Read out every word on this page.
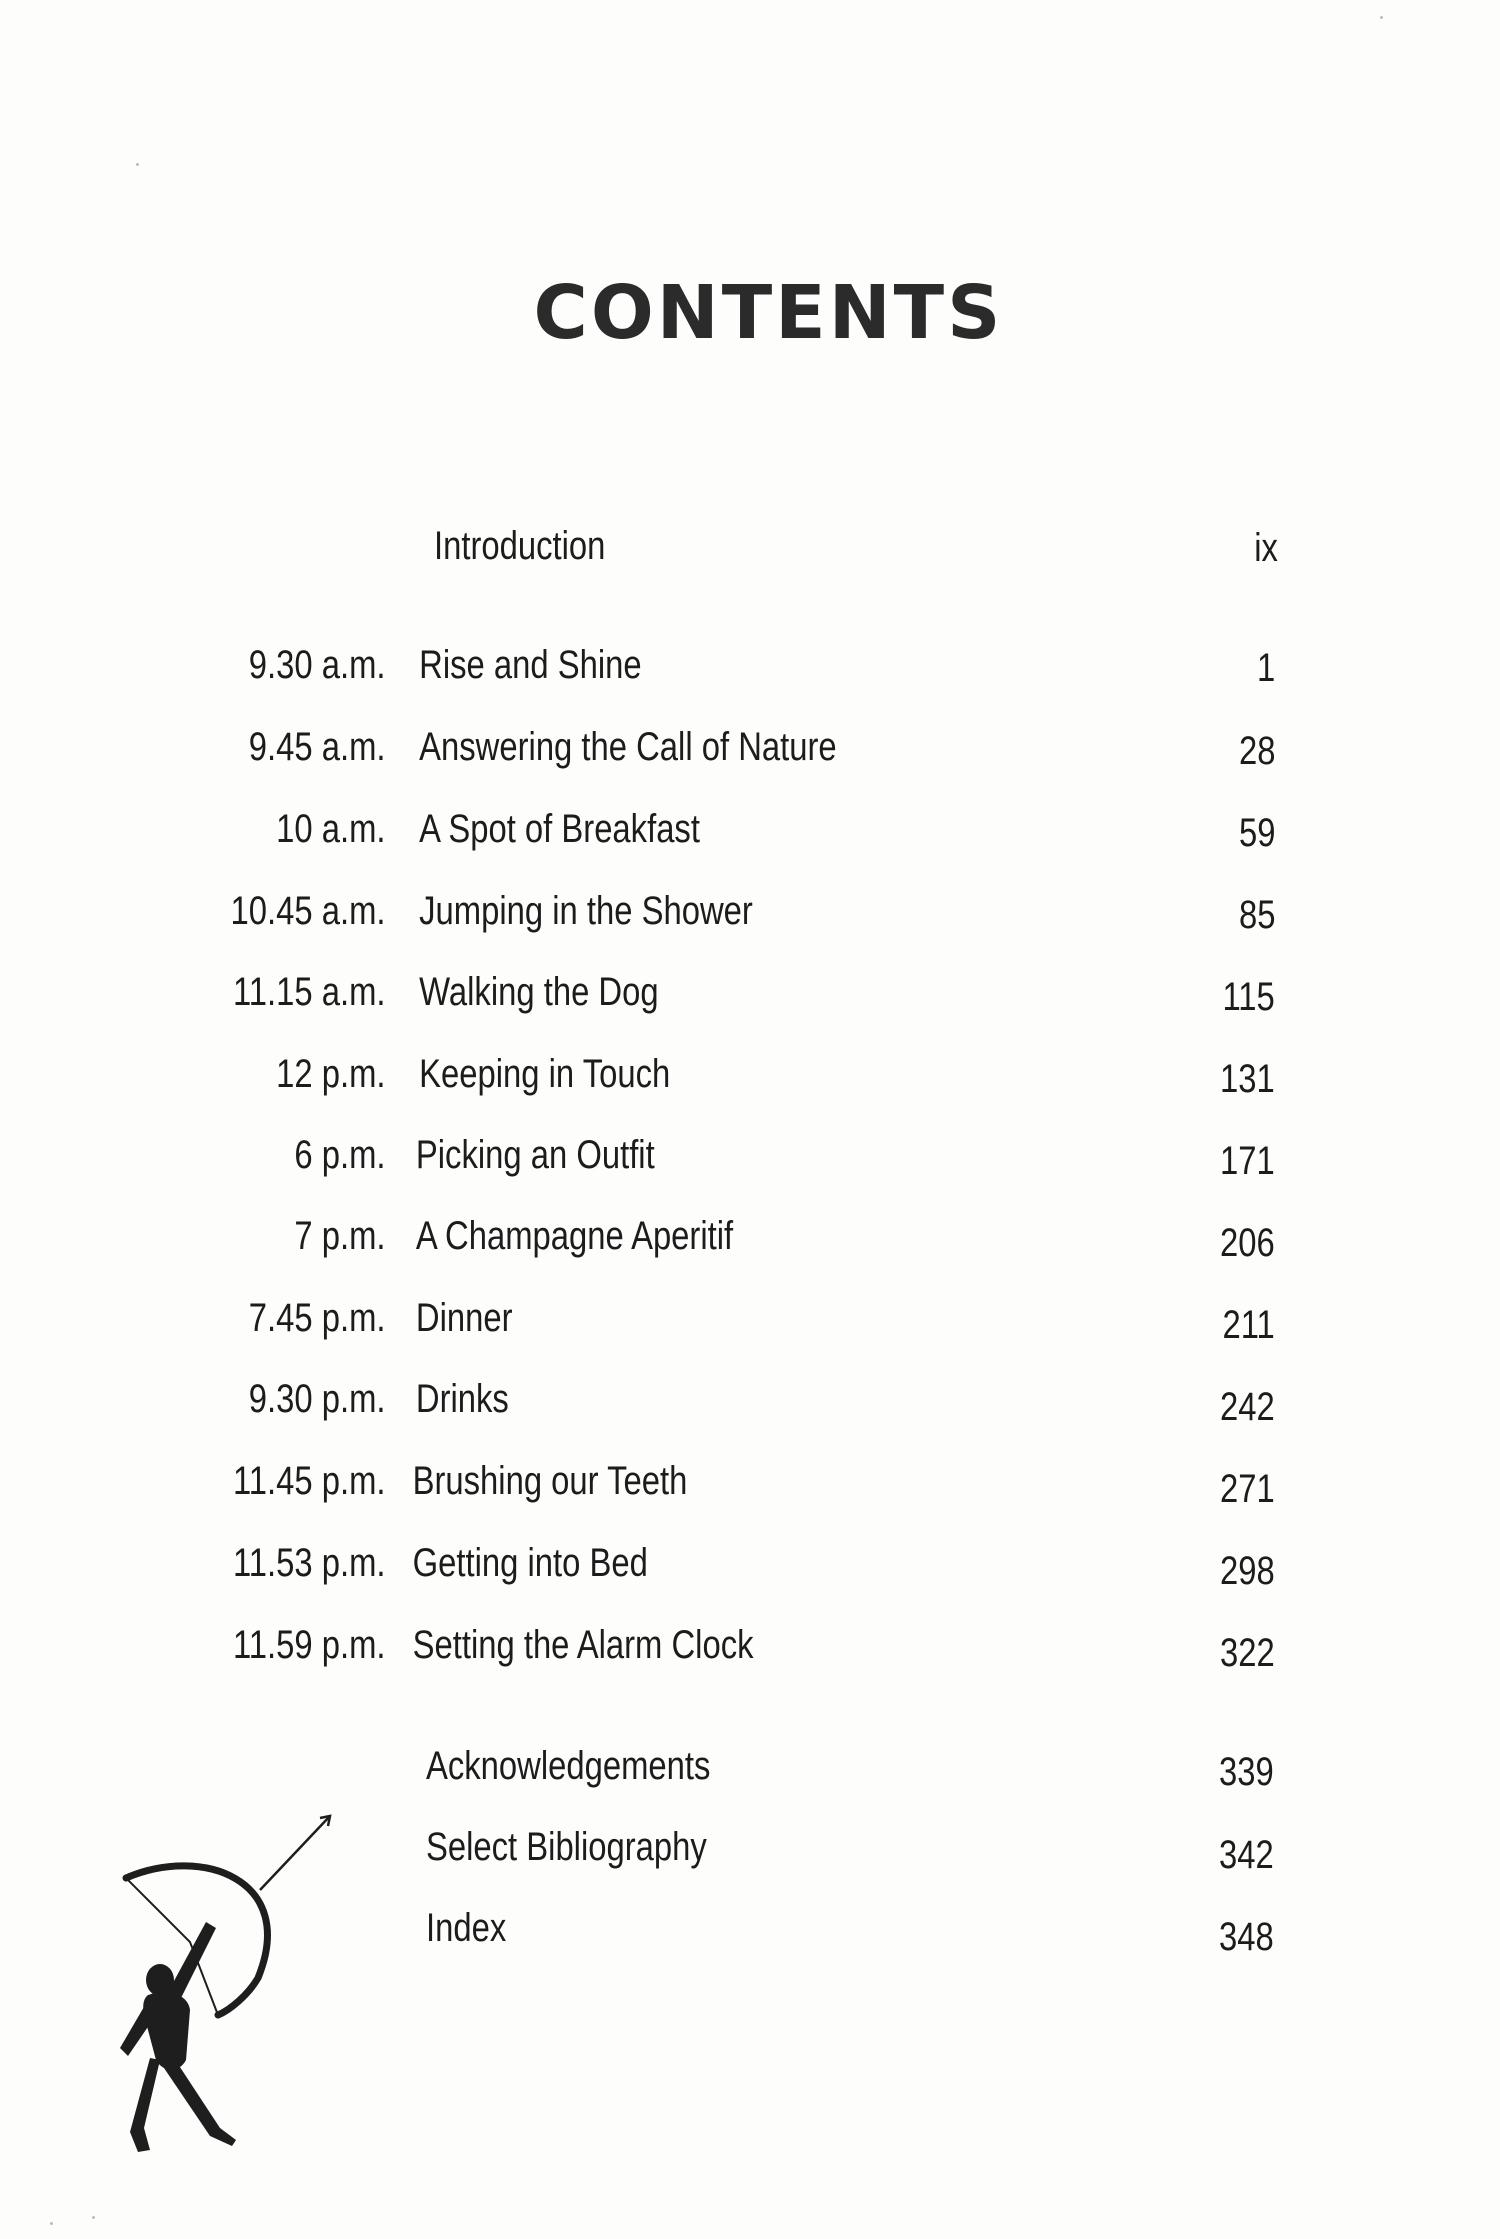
CONTENTS
Introduction	ix
9.30 a.m. Rise and Shine	1
9.45 a.m. Answering the Call of Nature	28
10 a.m. A Spot of Breakfast	59
10.45 a.m. Jumping in the Shower	85
11.15 a.m. Walking the Dog	115
12 p.m. Keeping in Touch	131
6 p.m. Picking an Outfit	171
7 p.m. A Champagne Aperitif	206
7.45 p.m. Dinner	211
9.30 p.m. Drinks	242
11.45 p.m. Brushing our Teeth	271
11.53 p.m. Getting into Bed	298
11.59 p.m. Setting the Alarm Clock	322
Acknowledgements	339
Select Bibliography	342
Index	348
